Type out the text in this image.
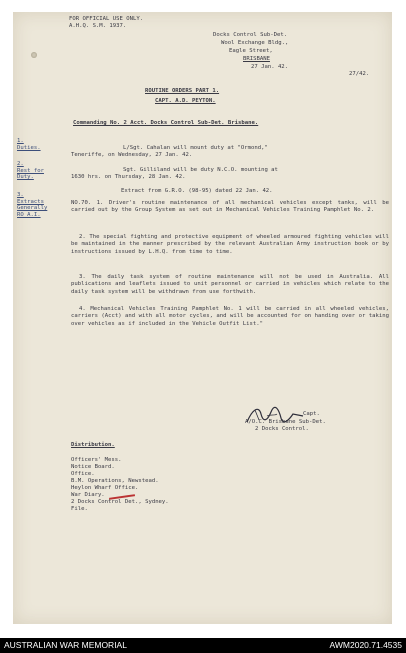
FOR OFFICIAL USE ONLY.
A.H.Q. S.M. 1937.
Docks Control Sub-Det.
Wool Exchange Bldg.,
Eagle Street,
BRISBANE
27 Jan. 42.
27/42.
ROUTINE ORDERS PART 1.
CAPT. A.D. PEYTON.
Commanding No. 2 Acct. Docks Control Sub-Det. Brisbane.
1.
Duties.
2.
Rest for
Duty.
3.
Extracts
Generally
RO A.I.
L/Sgt. Cahalan will mount duty at "Ormond,"
Teneriffe, on Wednesday, 27 Jan. 42.
Sgt. Gilliland will be duty N.C.O. mounting at
1630 hrs. on Thursday, 28 Jan. 42.
Extract from G.R.O. (98-95) dated 22 Jan. 42.
NO.70. 1. Driver's routine maintenance of all mechanical vehicles except tanks, will be carried out by the Group System as set out in Mechanical Vehicles Training Pamphlet No. 2.
2. The special fighting and protective equipment of wheeled armoured fighting vehicles will be maintained in the manner prescribed by the relevant Australian Army instruction book or by instructions issued by L.H.Q. from time to time.
3. The daily task system of routine maintenance will not be used in Australia. All publications and leaflets issued to unit personnel or carried in vehicles which relate to the daily task system will be withdrawn from use forthwith.
4. Mechanical Vehicles Training Pamphlet No. 1 will be carried in all wheeled vehicles, carriers (Acct) and with all motor cycles, and will be accounted for on handing over or taking over vehicles as if included in the Vehicle Outfit List."
Capt.
A/O.C. Brisbane Sub-Det.
2 Docks Control.
Distribution.
Officers' Mess.
Notice Board.
Office.
B.M. Operations, Newstead.
Heylon Wharf Office.
War Diary.
2 Docks Control Det., Sydney.
File.
AUSTRALIAN WAR MEMORIAL	AWM2020.71.4535
